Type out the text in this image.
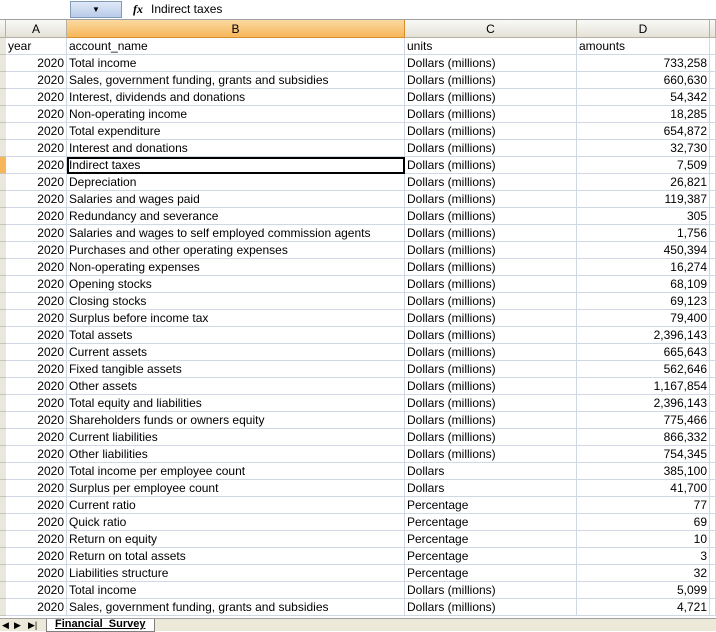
▼	fx Indirect taxes
A	B	C	D
year	account_name	units	amounts
2020 Total income	Dollars (millions)	733,258
2020 Sales, government funding, grants and subsidies	Dollars (millions)	660,630
2020 Interest, dividends and donations	Dollars (millions)	54,342
2020 Non-operating income	Dollars (millions)	18,285
2020 Total expenditure	Dollars (millions)	654,872
2020 Interest and donations	Dollars (millions)	32,730
2020 Indirect taxes	Dollars (millions)	7,509
2020 Depreciation	Dollars (millions)	26,821
2020 Salaries and wages paid	Dollars (millions)	119,387
2020 Redundancy and severance	Dollars (millions)	305
2020 Salaries and wages to self employed commission agents	Dollars (millions)	1,756
2020 Purchases and other operating expenses	Dollars (millions)	450,394
2020 Non-operating expenses	Dollars (millions)	16,274
2020 Opening stocks	Dollars (millions)	68,109
2020 Closing stocks	Dollars (millions)	69,123
2020 Surplus before income tax	Dollars (millions)	79,400
2020 Total assets	Dollars (millions)	2,396,143
2020 Current assets	Dollars (millions)	665,643
2020 Fixed tangible assets	Dollars (millions)	562,646
2020 Other assets	Dollars (millions)	1,167,854
2020 Total equity and liabilities	Dollars (millions)	2,396,143
2020 Shareholders funds or owners equity	Dollars (millions)	775,466
2020 Current liabilities	Dollars (millions)	866,332
2020 Other liabilities	Dollars (millions)	754,345
2020 Total income per employee count	Dollars	385,100
2020 Surplus per employee count	Dollars	41,700
2020 Current ratio	Percentage	77
2020 Quick ratio	Percentage	69
2020 Return on equity	Percentage	10
2020 Return on total assets	Percentage	3
2020 Liabilities structure	Percentage	32
2020 Total income	Dollars (millions)	5,099
2020 Sales, government funding, grants and subsidies	Dollars (millions)	4,721
◀ ▶ ▶|	Financial_Survey
